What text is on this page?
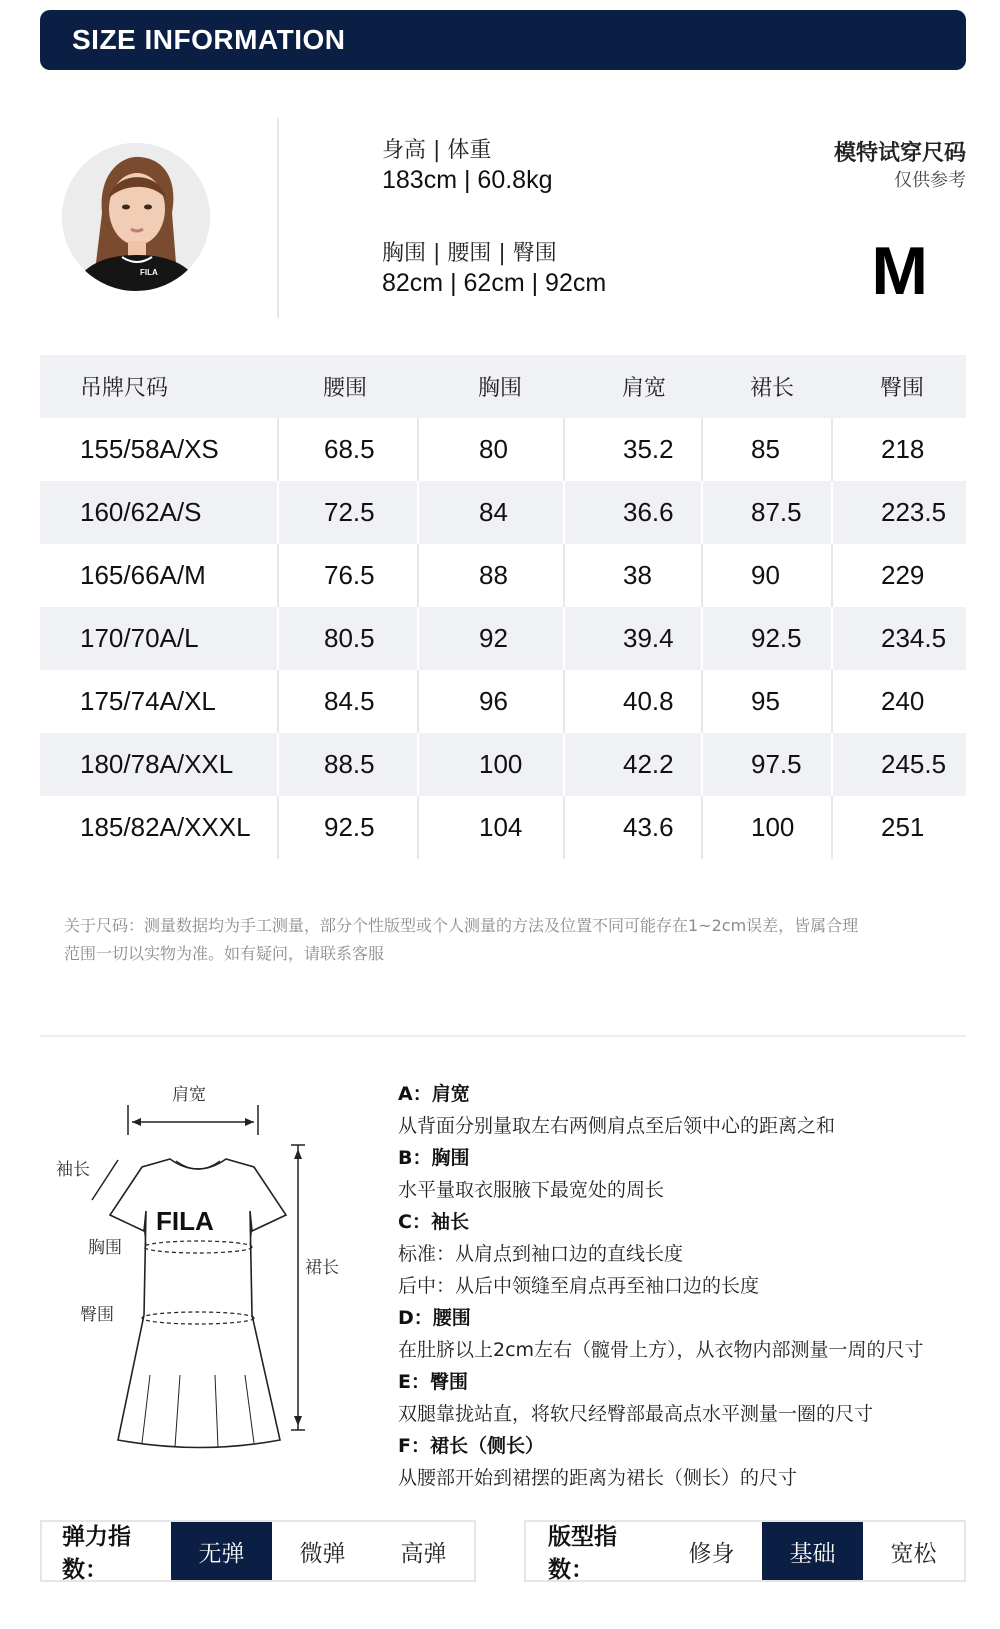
SIZE INFORMATION
FILA
身高 | 体重
183cm | 60.8kg
胸围 | 腰围 | 臀围
82cm | 62cm | 92cm
模特试穿尺码
仅供参考
M
吊牌尺码	腰围	胸围	肩宽	裙长	臀围
155/58A/XS	68.5	80	35.2	85	218
160/62A/S	72.5	84	36.6	87.5	223.5
165/66A/M	76.5	88	38	90	229
170/70A/L	80.5	92	39.4	92.5	234.5
175/74A/XL	84.5	96	40.8	95	240
180/78A/XXL	88.5	100	42.2	97.5	245.5
185/82A/XXXL	92.5	104	43.6	100	251
关于尺码：测量数据均为手工测量，部分个性版型或个人测量的方法及位置不同可能存在1~2cm误差，皆属合理
范围一切以实物为准。如有疑问，请联系客服
肩宽
袖长
FILA
胸围
臀围
裙长
A：肩宽
从背面分别量取左右两侧肩点至后领中心的距离之和
B：胸围
水平量取衣服腋下最宽处的周长
C：袖长
标准：从肩点到袖口边的直线长度
后中：从后中领缝至肩点再至袖口边的长度
D：腰围
在肚脐以上2cm左右（髋骨上方），从衣物内部测量一周的尺寸
E：臀围
双腿靠拢站直，将软尺经臀部最高点水平测量一圈的尺寸
F：裙长（侧长）
从腰部开始到裙摆的距离为裙长（侧长）的尺寸
弹力指数：
无弹	微弹	高弹
版型指数：
修身	基础	宽松
